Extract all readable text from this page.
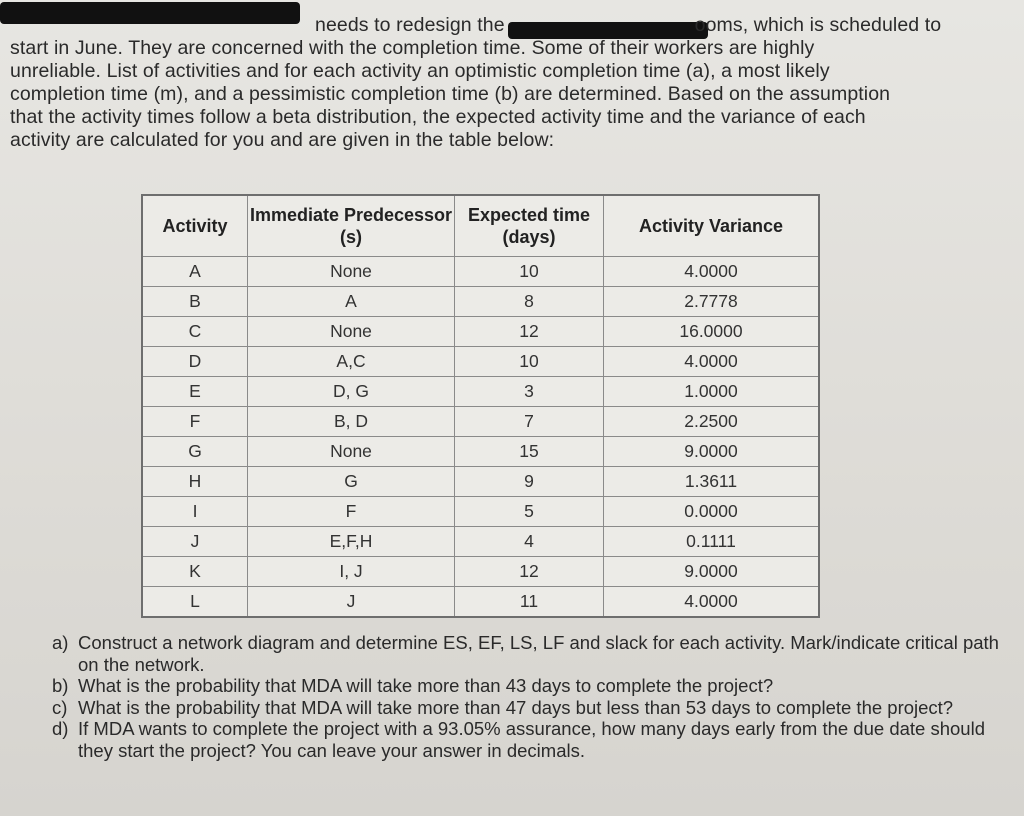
needs to redesign the	ooms, which is scheduled to

start in June. They are concerned with the completion time. Some of their workers are highly

unreliable. List of activities and for each activity an optimistic completion time (a), a most likely

completion time (m), and a pessimistic completion time (b) are determined. Based on the assumption

that the activity times follow a beta distribution, the expected activity time and the variance of each

activity are calculated for you and are given in the table below:

Activity	Immediate Predecessor (s)	Expected time (days)	Activity Variance
A	None	10	4.0000
B	A	8	2.7778
C	None	12	16.0000
D	A,C	10	4.0000
E	D, G	3	1.0000
F	B, D	7	2.2500
G	None	15	9.0000
H	G	9	1.3611
I	F	5	0.0000
J	E,F,H	4	0.1111
K	I, J	12	9.0000
L	J	11	4.0000
a) Construct a network diagram and determine ES, EF, LS, LF and slack for each activity. Mark/indicate critical path on the network.
b) What is the probability that MDA will take more than 43 days to complete the project?
c) What is the probability that MDA will take more than 47 days but less than 53 days to complete the project?
d) If MDA wants to complete the project with a 93.05% assurance, how many days early from the due date should they start the project? You can leave your answer in decimals.
